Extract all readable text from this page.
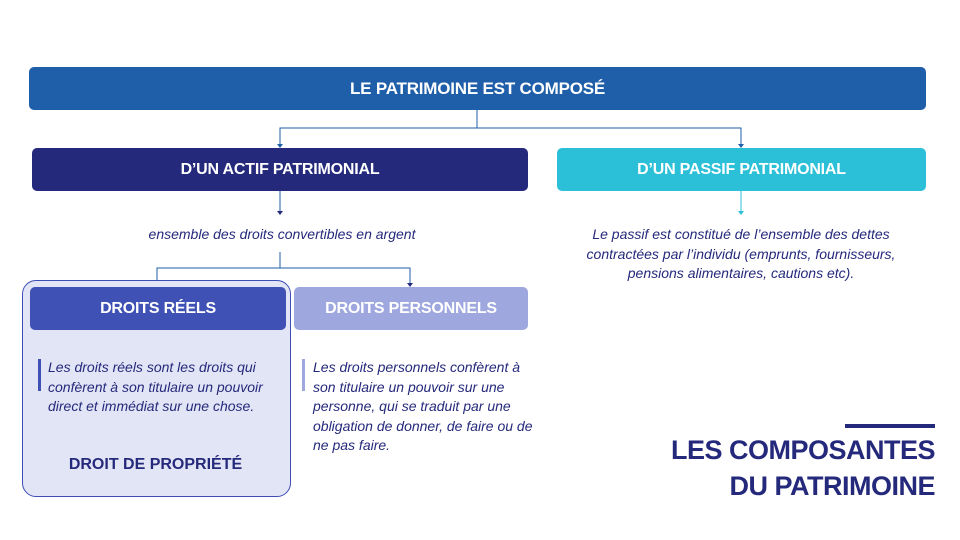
LE PATRIMOINE EST COMPOSÉ
D’UN ACTIF PATRIMONIAL	D’UN PASSIF PATRIMONIAL
ensemble des droits convertibles en argent	Le passif est constitué de l’ensemble des dettes contractées par l’individu (emprunts, fournisseurs, pensions alimentaires, cautions etc).
DROITS RÉELS	DROITS PERSONNELS
Les droits réels sont les droits qui confèrent à son titulaire un pouvoir direct et immédiat sur une chose.
Les droits personnels confèrent à son titulaire un pouvoir sur une personne, qui se traduit par une obligation de donner, de faire ou de ne pas faire.
DROIT DE PROPRIÉTÉ	LES COMPOSANTES
DU PATRIMOINE
